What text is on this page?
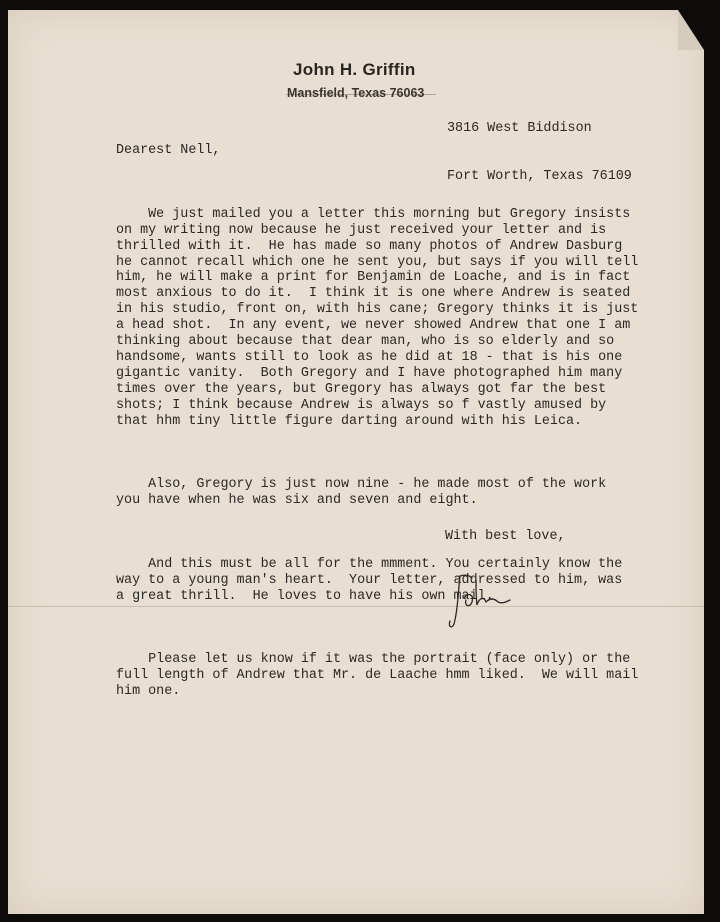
John H. Griffin
Mansfield, Texas 76063

3816 West Biddison

Fort Worth, Texas 76109

Dearest Nell,

We just mailed you a letter this morning but Gregory insists
on my writing now because he just received your letter and is
thrilled with it.  He has made so many photos of Andrew Dasburg
he cannot recall which one he sent you, but says if you will tell
him, he will make a print for Benjamin de Loache, and is in fact
most anxious to do it.  I think it is one where Andrew is seated
in his studio, front on, with his cane; Gregory thinks it is just
a head shot.  In any event, we never showed Andrew that one I am
thinking about because that dear man, who is so elderly and so
handsome, wants still to look as he did at 18 - that is his one
gigantic vanity.  Both Gregory and I have photographed him many
times over the years, but Gregory has always got far the best
shots; I think because Andrew is always so f vastly amused by
that hhm tiny little figure darting around with his Leica.

Also, Gregory is just now nine - he made most of the work
you have when he was six and seven and eight.

And this must be all for the mmment. You certainly know the
way to a young man's heart.  Your letter, addressed to him, was
a great thrill.  He loves to have his own mail.

Please let us know if it was the portrait (face only) or the
full length of Andrew that Mr. de Laache hmm liked.  We will mail
him one.

With best love,
